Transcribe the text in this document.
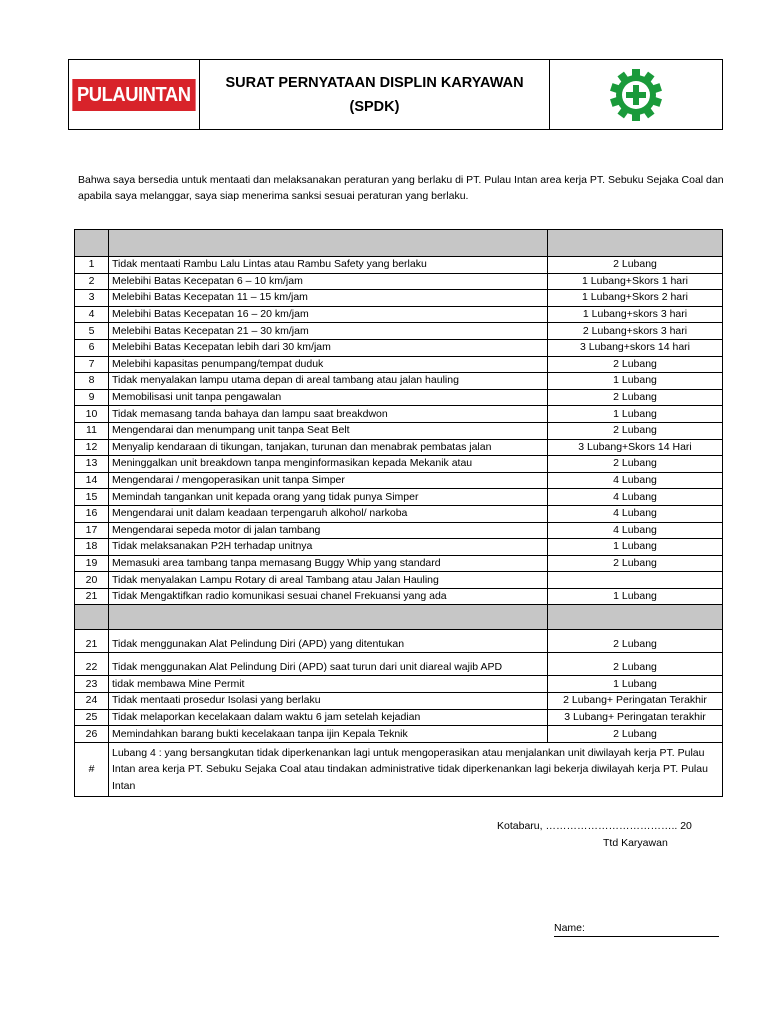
PULAUINTAN
SURAT PERNYATAAN DISPLIN KARYAWAN
(SPDK)
Bahwa saya bersedia untuk mentaati dan melaksanakan peraturan yang berlaku di PT. Pulau Intan area kerja PT. Sebuku Sejaka Coal dan apabila saya melanggar, saya siap menerima sanksi sesuai peraturan yang berlaku.

1	Tidak mentaati Rambu Lalu Lintas atau Rambu Safety yang berlaku	2 Lubang
2	Melebihi Batas Kecepatan 6 – 10 km/jam	1 Lubang+Skors 1 hari
3	Melebihi Batas Kecepatan 11 – 15 km/jam	1 Lubang+Skors 2 hari
4	Melebihi Batas Kecepatan 16 – 20 km/jam	1 Lubang+skors 3 hari
5	Melebihi Batas Kecepatan 21 – 30 km/jam	2 Lubang+skors 3 hari
6	Melebihi Batas Kecepatan lebih dari 30 km/jam	3 Lubang+skors 14 hari
7	Melebihi kapasitas penumpang/tempat duduk	2 Lubang
8	Tidak menyalakan lampu utama depan di areal tambang atau jalan hauling	1 Lubang
9	Memobilisasi unit tanpa pengawalan	2 Lubang
10	Tidak memasang tanda bahaya dan lampu saat breakdwon	1 Lubang
11	Mengendarai dan menumpang unit tanpa Seat Belt	2 Lubang
12	Menyalip kendaraan di tikungan, tanjakan, turunan dan menabrak pembatas jalan	3 Lubang+Skors 14 Hari
13	Meninggalkan unit breakdown tanpa menginformasikan kepada Mekanik atau	2 Lubang
14	Mengendarai / mengoperasikan unit tanpa Simper	4 Lubang
15	Memindah tangankan unit kepada orang yang tidak punya Simper	4 Lubang
16	Mengendarai unit dalam keadaan terpengaruh alkohol/ narkoba	4 Lubang
17	Mengendarai sepeda motor di jalan tambang	4 Lubang
18	Tidak melaksanakan P2H terhadap unitnya	1 Lubang
19	Memasuki area tambang tanpa memasang Buggy Whip yang standard	2 Lubang
20	Tidak menyalakan Lampu Rotary di areal Tambang atau Jalan Hauling	
21	Tidak Mengaktifkan radio komunikasi sesuai chanel Frekuansi yang ada	1 Lubang

21	Tidak menggunakan Alat Pelindung Diri (APD) yang ditentukan	2 Lubang
22	Tidak menggunakan Alat Pelindung Diri (APD) saat turun dari unit diareal wajib APD	2 Lubang
23	tidak membawa Mine Permit	1 Lubang
24	Tidak mentaati prosedur Isolasi yang berlaku	2 Lubang+ Peringatan Terakhir
25	Tidak melaporkan kecelakaan dalam waktu 6 jam setelah kejadian	3 Lubang+ Peringatan terakhir
26	Memindahkan barang bukti kecelakaan tanpa ijin Kepala Teknik	2 Lubang
#	Lubang 4 : yang bersangkutan tidak diperkenankan lagi untuk mengoperasikan atau menjalankan unit diwilayah kerja PT. Pulau Intan area kerja PT. Sebuku Sejaka Coal atau tindakan administrative tidak diperkenankan lagi bekerja diwilayah kerja PT. Pulau Intan	
Kotabaru, ……………………………….. 20
Ttd Karyawan
Name:
